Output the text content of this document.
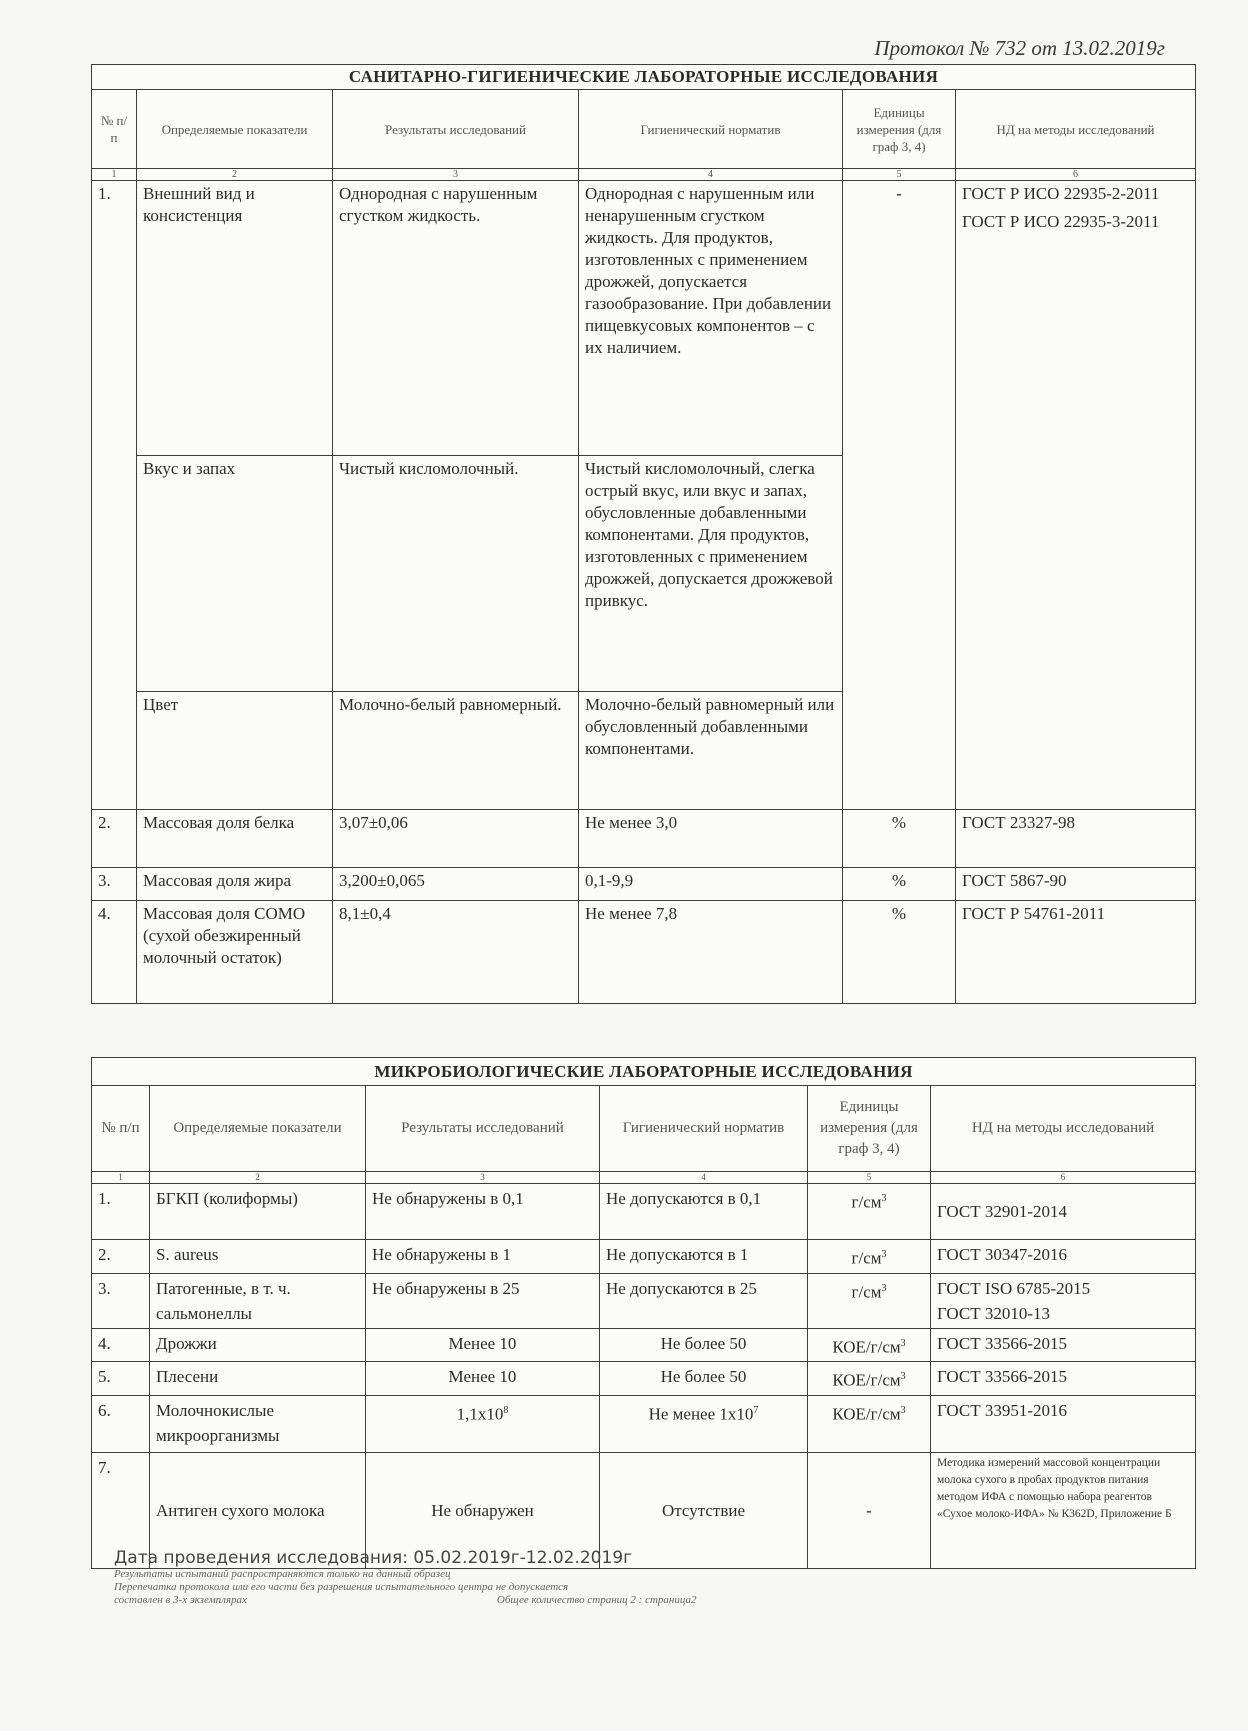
Протокол № 732 от 13.02.2019г
САНИТАРНО-ГИГИЕНИЧЕСКИЕ ЛАБОРАТОРНЫЕ ИССЛЕДОВАНИЯ					
№ п/п	Определяемые показатели	Результаты исследований	Гигиенический норматив	Единицы измерения (для граф 3, 4)	НД на методы исследований
1	2	3	4	5	6
1.	Внешний вид и консистенция	Однородная с нарушенным сгустком жидкость.	Однородная с нарушенным или ненарушенным сгустком жидкость. Для продуктов, изготовленных с применением дрожжей, допускается газообразование. При добавлении пищевкусовых компонентов – с их наличием.	-	ГОСТ Р ИСО 22935-2-2011
ГОСТ Р ИСО 22935-3-2011

	Вкус и запах	Чистый кисломолочный.	Чистый кисломолочный, слегка острый вкус, или вкус и запах, обусловленные добавленными компонентами. Для продуктов, изготовленных с применением дрожжей, допускается дрожжевой привкус.		
	Цвет	Молочно-белый равномерный.	Молочно-белый равномерный или обусловленный добавленными компонентами.		
2.	Массовая доля белка	3,07±0,06	Не менее 3,0	%	ГОСТ 23327-98
3.	Массовая доля жира	3,200±0,065	0,1-9,9	%	ГОСТ 5867-90
4.	Массовая доля СОМО (сухой обезжиренный молочный остаток)	8,1±0,4	Не менее 7,8	%	ГОСТ Р 54761-2011
МИКРОБИОЛОГИЧЕСКИЕ ЛАБОРАТОРНЫЕ ИССЛЕДОВАНИЯ					
№ п/п	Определяемые показатели	Результаты исследований	Гигиенический норматив	Единицы измерения (для граф 3, 4)	НД на методы исследований
1	2	3	4	5	6
1.	БГКП (колиформы)	Не обнаружены в 0,1	Не допускаются в 0,1	$г/см^3$	ГОСТ 32901-2014
2.	S. aureus	Не обнаружены в 1	Не допускаются в 1	$г/см^3$	ГОСТ 30347-2016
3.	Патогенные, в т. ч. сальмонеллы	Не обнаружены в 25	Не допускаются в 25	$г/см^3$	ГОСТ ISO 6785-2015
ГОСТ 32010-13

4.	Дрожжи	Менее 10	Не более 50	КОЕ/$г/см^3$	ГОСТ 33566-2015
5.	Плесени	Менее 10	Не более 50	КОЕ/$г/см^3$	ГОСТ 33566-2015
6.	Молочнокислые микроорганизмы	$1,1x10^8$	Не менее $1x10^7$	КОЕ/$г/см^3$	ГОСТ 33951-2016
7.	Антиген сухого молока	Не обнаружен	Отсутствие	-	Методика измерений массовой концентрации молока сухого в пробах продуктов питания методом ИФА с помощью набора реагентов «Сухое молоко-ИФА» № К362D, Приложение Б
Дата проведения исследования: 05.02.2019г-12.02.2019г
Результаты испытаний распространяются только на данный образец
Перепечатка протокола или его части без разрешения испытательного центра не допускается
составлен в 3-х экземплярах	Общее количество страниц 2 : страница2
